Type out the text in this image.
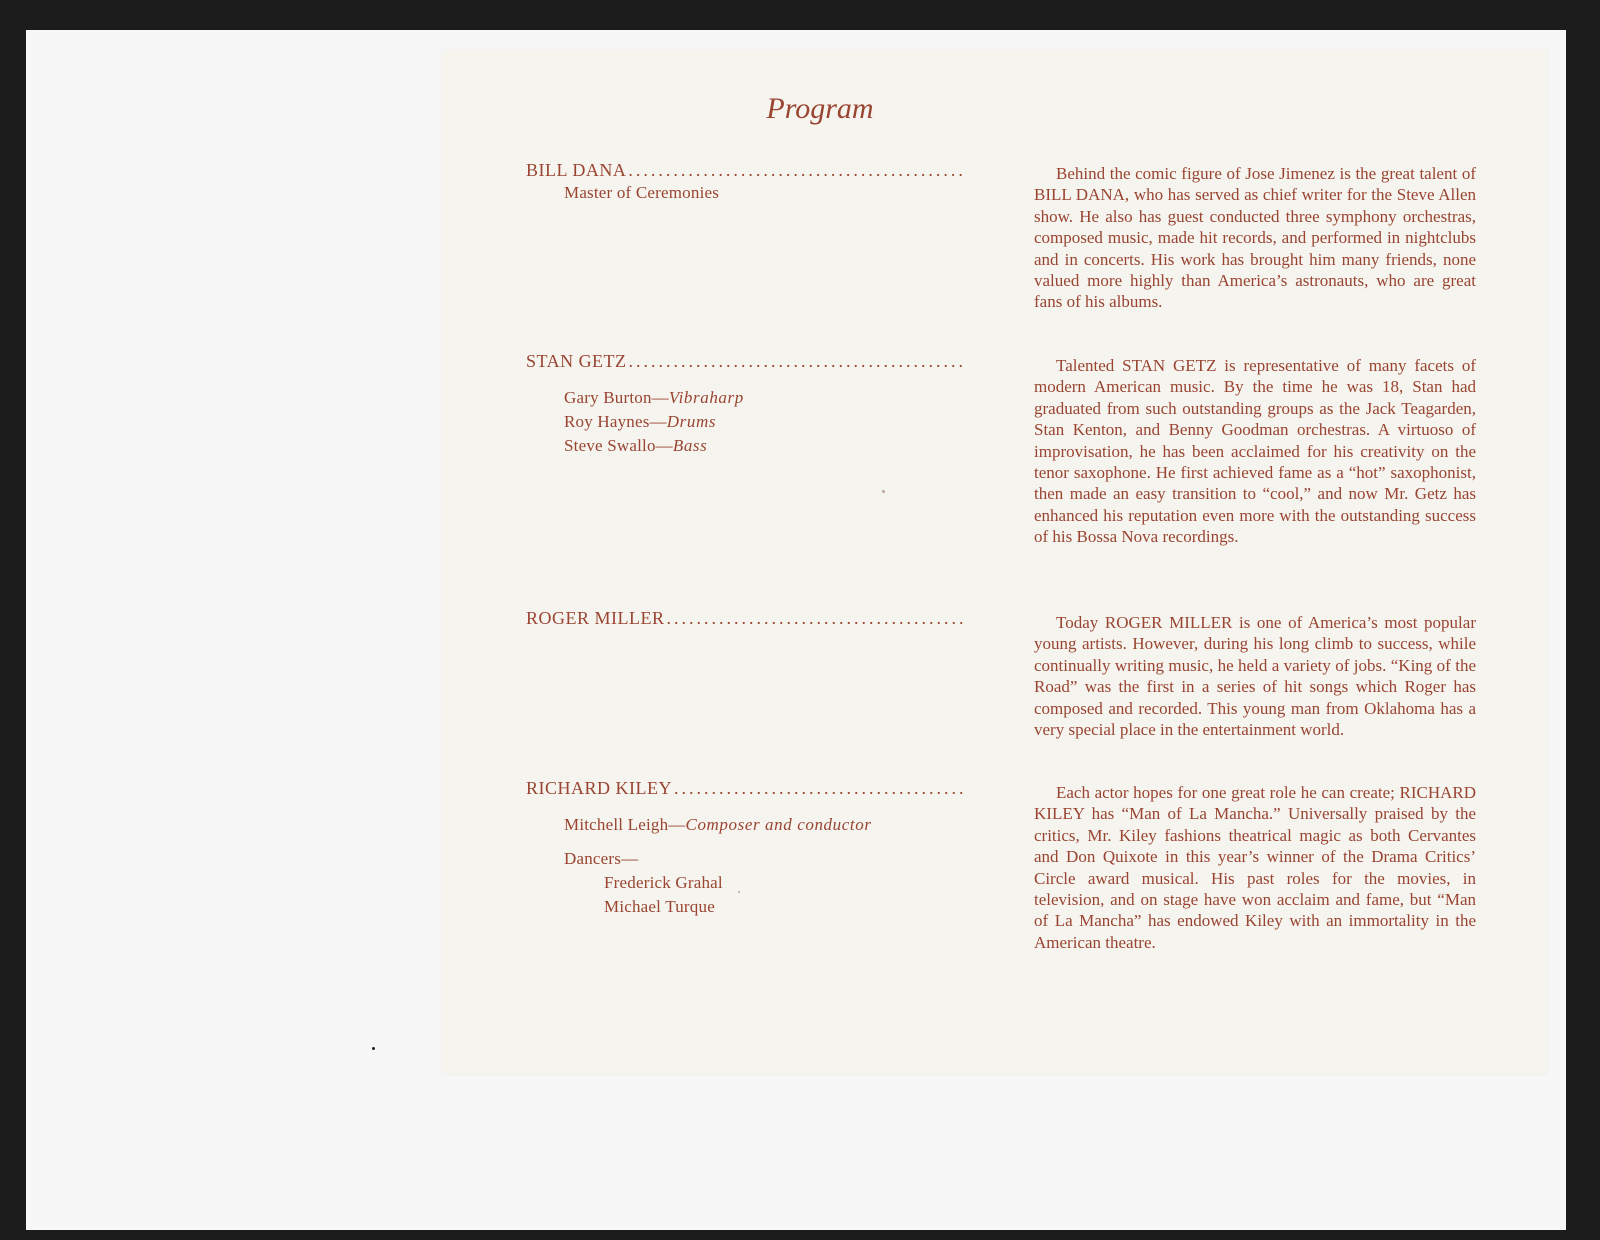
Program
BILL DANA
.....
Master of Ceremonies

Behind the comic figure of Jose Jimenez is the great talent of BILL DANA, who has served as chief writer for the Steve Allen show. He also has guest conducted three symphony orchestras, composed music, made hit records, and performed in nightclubs and in concerts. His work has brought him many friends, none valued more highly than America’s astronauts, who are great fans of his albums.

STAN GETZ
.....
Gary Burton—Vibraharp
Roy Haynes—Drums
Steve Swallo—Bass

Talented STAN GETZ is representative of many facets of modern American music. By the time he was 18, Stan had graduated from such outstanding groups as the Jack Teagarden, Stan Kenton, and Benny Goodman orchestras. A virtuoso of improvisation, he has been acclaimed for his creativity on the tenor saxophone. He first achieved fame as a “hot” saxophonist, then made an easy transition to “cool,” and now Mr. Getz has enhanced his reputation even more with the outstanding success of his Bossa Nova recordings.

ROGER MILLER
.....	Today ROGER MILLER is one of America’s most popular young artists. However, during his long climb to success, while continually writing music, he held a variety of jobs. “King of the Road” was the first in a series of hit songs which Roger has composed and recorded. This young man from Oklahoma has a very special place in the entertainment world.

RICHARD KILEY
.....
Mitchell Leigh—Composer and conductor
Dancers—
Frederick Grahal
Michael Turque

Each actor hopes for one great role he can create; RICHARD KILEY has “Man of La Mancha.” Universally praised by the critics, Mr. Kiley fashions theatrical magic as both Cervantes and Don Quixote in this year’s winner of the Drama Critics’ Circle award musical. His past roles for the movies, in television, and on stage have won acclaim and fame, but “Man of La Mancha” has endowed Kiley with an immortality in the American theatre.
